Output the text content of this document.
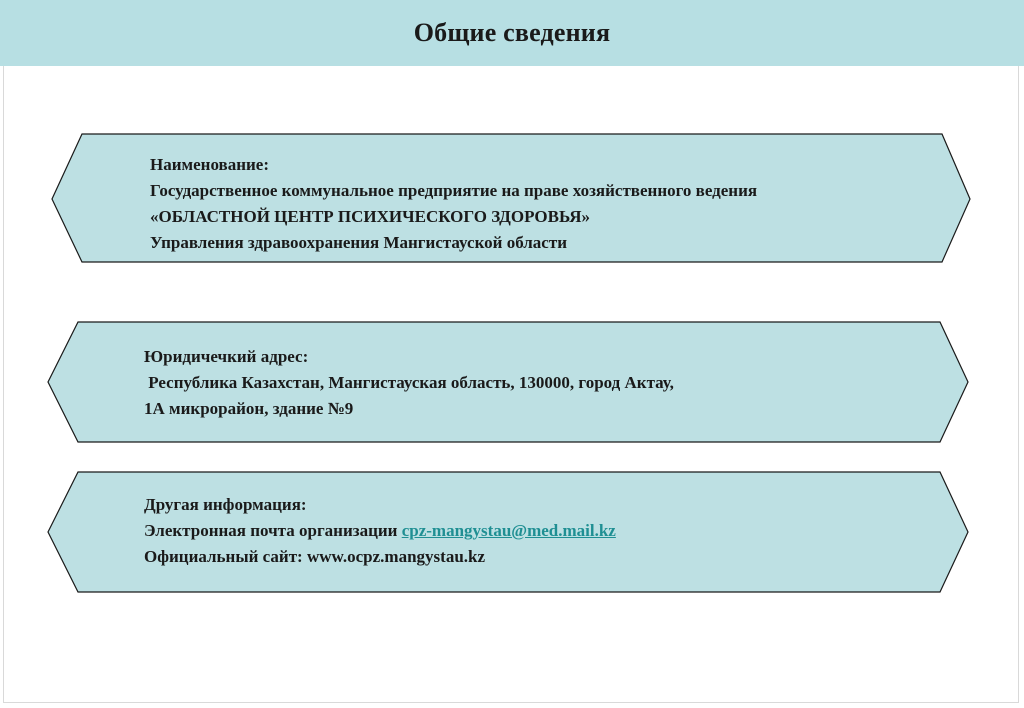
Общие сведения
Наименование:
Государственное коммунальное предприятие на праве хозяйственного ведения
«ОБЛАСТНОЙ ЦЕНТР ПСИХИЧЕСКОГО ЗДОРОВЬЯ»
Управления здравоохранения Мангистауской области
Юридичечкий адрес:
Республика Казахстан, Мангистауская область, 130000, город Актау,
1А микрорайон, здание №9
Другая информация:
Электронная почта организации cpz-mangystau@med.mail.kz
Официальный сайт: www.ocpz.mangystau.kz
